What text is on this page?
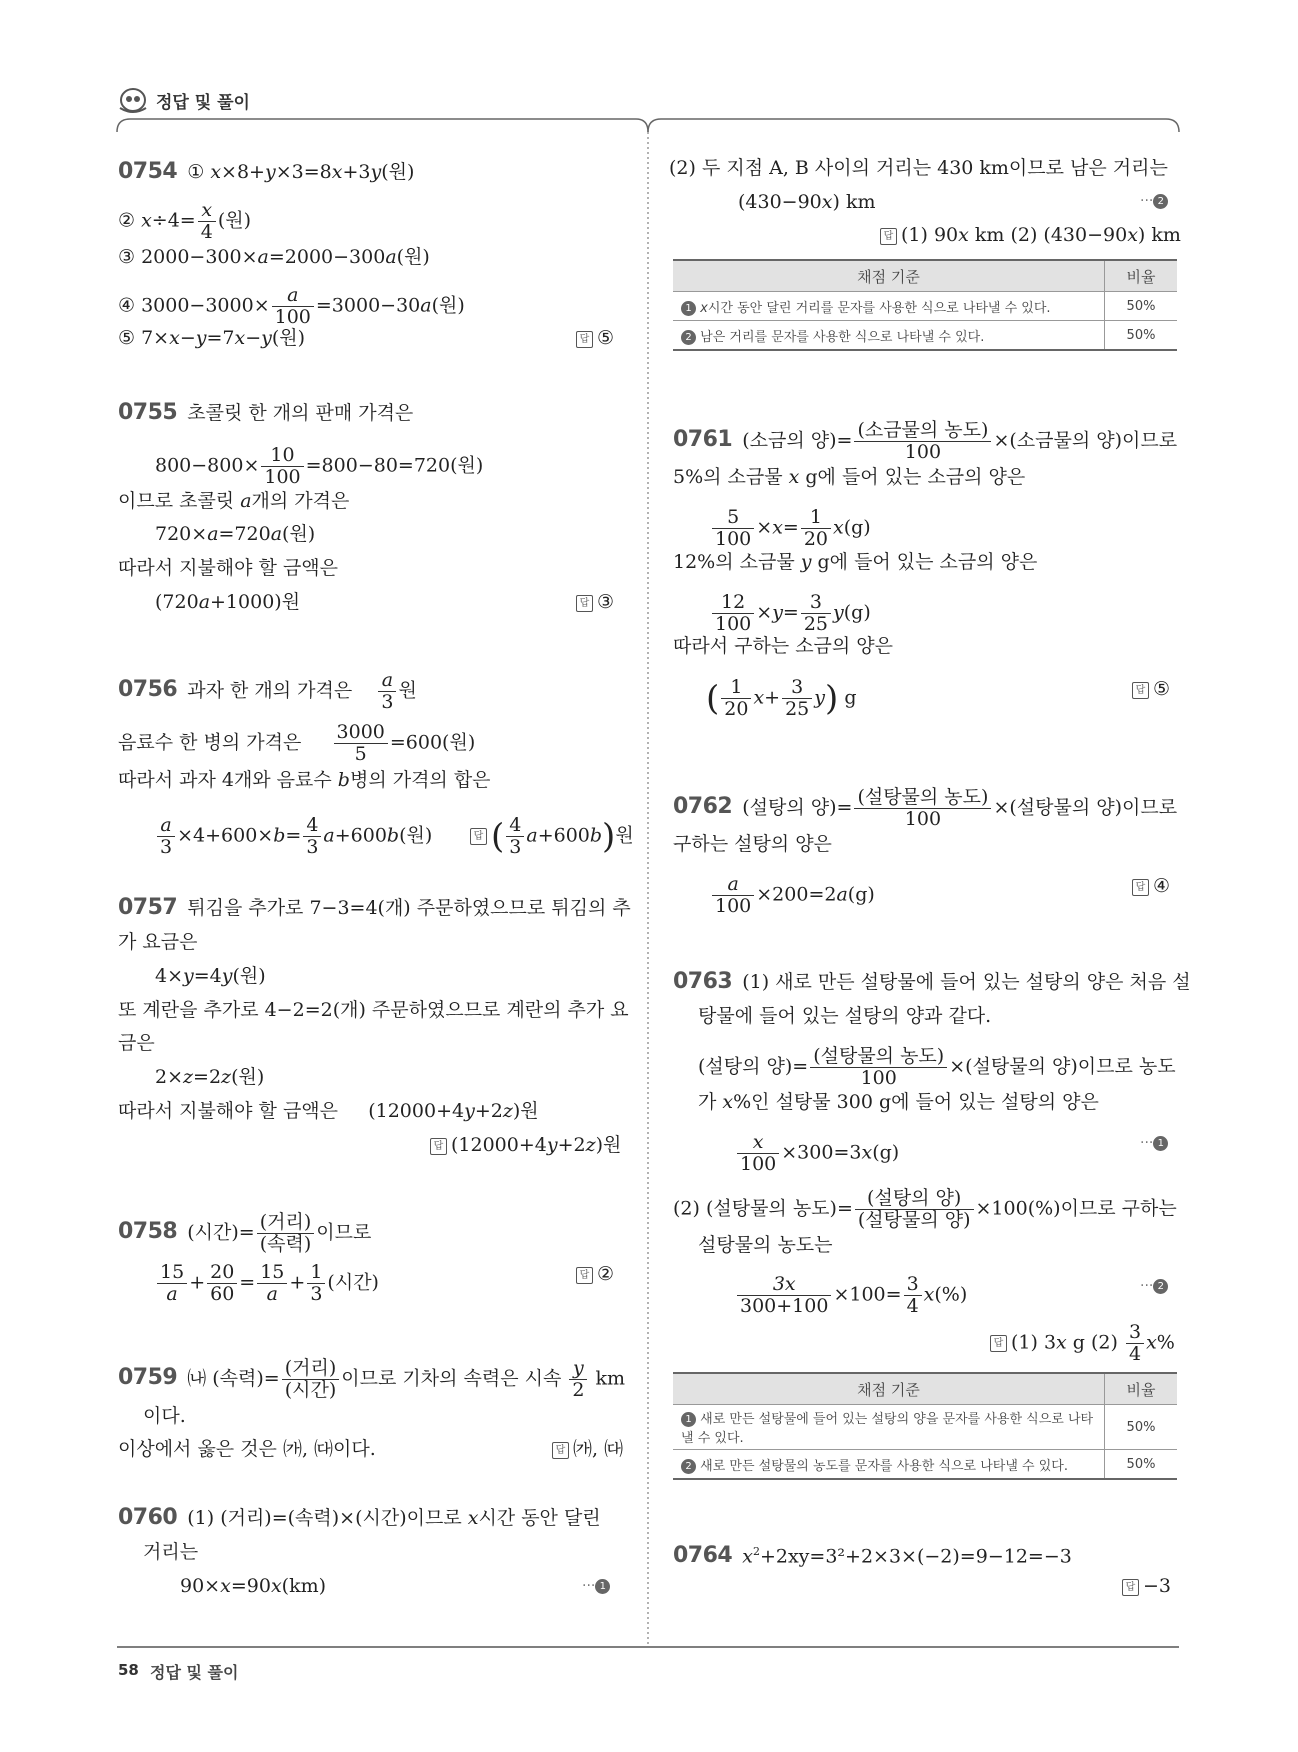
정답 및 풀이
0754 ① x×8+y×3=8x+3y(원)
② $x\div 4= \frac{x}{4}$ (원)
③ 2000−300×a=2000−300a(원)
④ $3000-3000\times \frac{a}{100} =3000-30a$(원)
⑤ 7×x−y=7x−y(원)	답 ⑤
0755 초콜릿 한 개의 판매 가격은
$800-800\times \frac{10}{100} =800-80=720$(원)
이므로 초콜릿 a개의 가격은
720×a=720a(원)
따라서 지불해야 할 금액은
(720a+1000)원	답 ③
0756 과자 한 개의 가격은 $\frac{a}{3}$ 원
음료수 한 병의 가격은 $\frac{3000}{5} =600$(원)
따라서 과자 4개와 음료수 b병의 가격의 합은
$\frac{a}{3} \times 4+600\times b= \frac{4}{3} a+600b$(원)	답 ( $\frac{4}{3} a+600b$)원
0757 튀김을 추가로 7−3=4(개) 주문하였으므로 튀김의 추
가 요금은
4×y=4y(원)
또 계란을 추가로 4−2=2(개) 주문하였으므로 계란의 추가 요
금은
2×z=2z(원)
따라서 지불해야 할 금액은 (12000+4y+2z)원
답 (12000+4y+2z)원
0758 (시간)= $\frac{\text{(거리)}}{\text{(속력)}}$ 이므로
$\frac{15}{a} + \frac{20}{60} = \frac{15}{a} + \frac{1}{3}$ (시간)	답 ②
0759 ㈏ (속력)= $\frac{\text{(거리)}}{\text{(시간)}}$ 이므로 기차의 속력은 시속 $\frac{y}{2}$ km
이다.
이상에서 옳은 것은 ㈎, ㈐이다.	답 ㈎, ㈐
0760 (1) (거리)=(속력)×(시간)이므로 x시간 동안 달린
거리는
90×x=90x(km)	··· 1
(2) 두 지점 A, B 사이의 거리는 430 km이므로 남은 거리는
(430−90x) km	··· 2
답 (1) 90x km (2) (430−90x) km
채점 기준	비율
1 x시간 동안 달린 거리를 문자를 사용한 식으로 나타낼 수 있다.	50%
2 남은 거리를 문자를 사용한 식으로 나타낼 수 있다.	50%
0761 (소금의 양)= $\frac{\text{(소금물의 농도)}}{100}$ ×(소금물의 양)이므로
5%의 소금물 x g에 들어 있는 소금의 양은
$\frac{5}{100} \times x= \frac{1}{20} x(g)$
12%의 소금물 y g에 들어 있는 소금의 양은
$\frac{12}{100} \times y= \frac{3}{25} y(g)$
따라서 구하는 소금의 양은
( $\frac{1}{20} x+ \frac{3}{25} y$) g	답 ⑤
0762 (설탕의 양)= $\frac{\text{(설탕물의 농도)}}{100}$ ×(설탕물의 양)이므로
구하는 설탕의 양은
$\frac{a}{100} \times 200=2a(g)$	답 ④
0763 (1) 새로 만든 설탕물에 들어 있는 설탕의 양은 처음 설
탕물에 들어 있는 설탕의 양과 같다.
(설탕의 양)= $\frac{\text{(설탕물의 농도)}}{100}$ ×(설탕물의 양)이므로 농도
가 x%인 설탕물 300 g에 들어 있는 설탕의 양은
$\frac{x}{100} \times 300=3x(g)$	··· 1
(2) (설탕물의 농도)= $\frac{\text{(설탕의 양)}}{\text{(설탕물의 양)}} \times 100(\%)$이므로 구하는
설탕물의 농도는
$\frac{3x}{300+100} \times 100= \frac{3}{4} x(\%)$	··· 2
답 (1) 3x g $(2) \frac{3}{4} x\%$
채점 기준	비율
1 새로 만든 설탕물에 들어 있는 설탕의 양을 문자를 사용한 식으로 나타낼 수 있다.	50%
2 새로 만든 설탕물의 농도를 문자를 사용한 식으로 나타낼 수 있다.	50%
0764 $x^2+2xy=3^2+2\times 3\times(-2)=9-12=-3$
답 −3
58 정답 및 풀이
